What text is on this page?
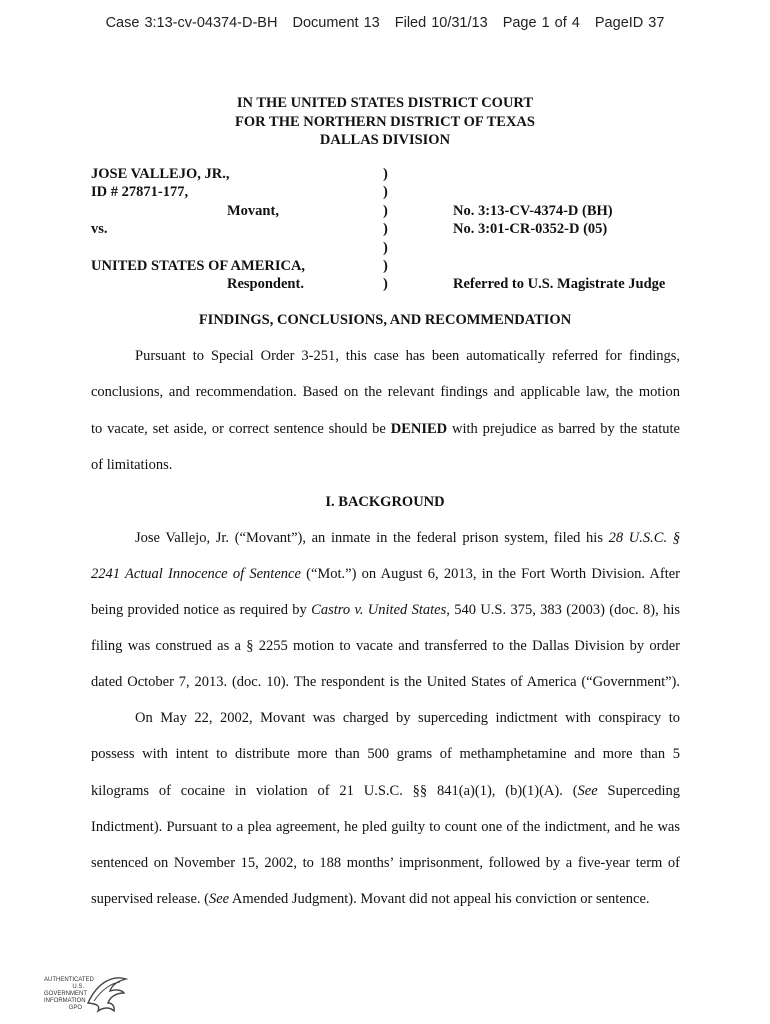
Case 3:13-cv-04374-D-BH Document 13 Filed 10/31/13 Page 1 of 4 PageID 37
IN THE UNITED STATES DISTRICT COURT
FOR THE NORTHERN DISTRICT OF TEXAS
DALLAS DIVISION
JOSE VALLEJO, JR.,
ID # 27871-177,
Movant,
vs.
UNITED STATES OF AMERICA,
Respondent.
)
)
)
)
)
)
)
No. 3:13-CV-4374-D (BH)
No. 3:01-CR-0352-D (05)
Referred to U.S. Magistrate Judge
FINDINGS, CONCLUSIONS, AND RECOMMENDATION
Pursuant to Special Order 3-251, this case has been automatically referred for findings,
conclusions, and recommendation. Based on the relevant findings and applicable law, the motion
to vacate, set aside, or correct sentence should be DENIED with prejudice as barred by the statute
of limitations.
I. BACKGROUND
Jose Vallejo, Jr. (“Movant”), an inmate in the federal prison system, filed his 28 U.S.C. §
2241 Actual Innocence of Sentence (“Mot.”) on August 6, 2013, in the Fort Worth Division. After
being provided notice as required by Castro v. United States, 540 U.S. 375, 383 (2003) (doc. 8), his
filing was construed as a § 2255 motion to vacate and transferred to the Dallas Division by order
dated October 7, 2013. (doc. 10). The respondent is the United States of America (“Government”).
On May 22, 2002, Movant was charged by superceding indictment with conspiracy to
possess with intent to distribute more than 500 grams of methamphetamine and more than 5
kilograms of cocaine in violation of 21 U.S.C. §§ 841(a)(1), (b)(1)(A). (See Superceding
Indictment). Pursuant to a plea agreement, he pled guilty to count one of the indictment, and he was
sentenced on November 15, 2002, to 188 months’ imprisonment, followed by a five-year term of
supervised release. (See Amended Judgment). Movant did not appeal his conviction or sentence.
AUTHENTICATED
U.S. GOVERNMENT
INFORMATION
GPO
